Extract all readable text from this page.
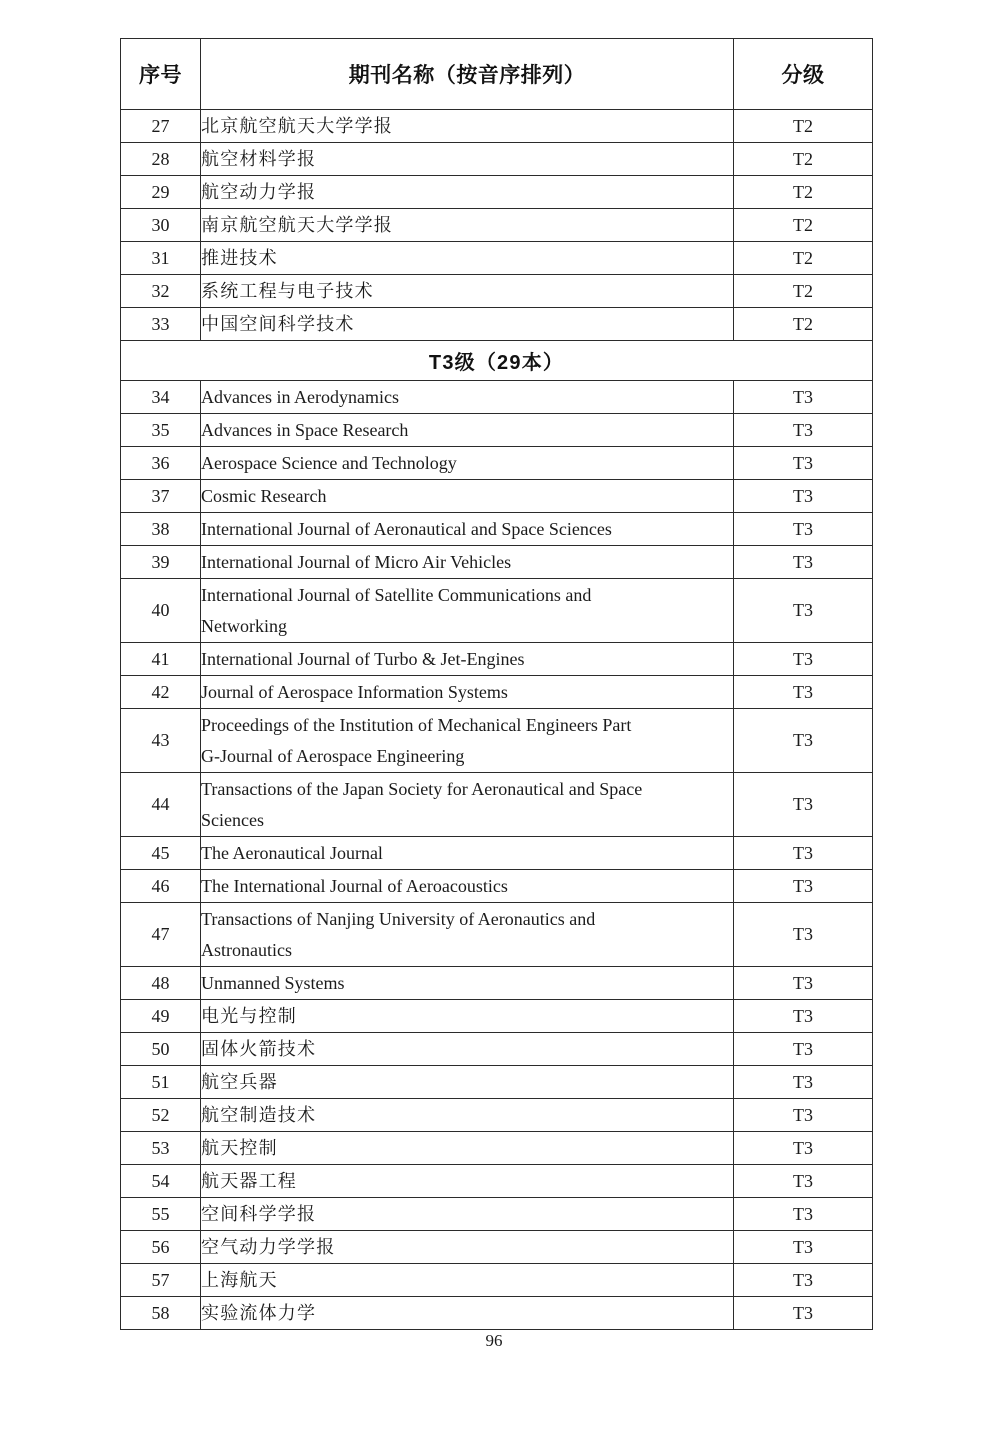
序号	期刊名称（按音序排列）	分级
27	北京航空航天大学学报	T2
28	航空材料学报	T2
29	航空动力学报	T2
30	南京航空航天大学学报	T2
31	推进技术	T2
32	系统工程与电子技术	T2
33	中国空间科学技术	T2
T3级（29本）		
34	Advances in Aerodynamics	T3
35	Advances in Space Research	T3
36	Aerospace Science and Technology	T3
37	Cosmic Research	T3
38	International Journal of Aeronautical and Space Sciences	T3
39	International Journal of Micro Air Vehicles	T3
40	International Journal of Satellite Communications and
Networking	T3
41	International Journal of Turbo & Jet-Engines	T3
42	Journal of Aerospace Information Systems	T3
43	Proceedings of the Institution of Mechanical Engineers Part
G-Journal of Aerospace Engineering	T3
44	Transactions of the Japan Society for Aeronautical and Space
Sciences	T3
45	The Aeronautical Journal	T3
46	The International Journal of Aeroacoustics	T3
47	Transactions of Nanjing University of Aeronautics and
Astronautics	T3
48	Unmanned Systems	T3
49	电光与控制	T3
50	固体火箭技术	T3
51	航空兵器	T3
52	航空制造技术	T3
53	航天控制	T3
54	航天器工程	T3
55	空间科学学报	T3
56	空气动力学学报	T3
57	上海航天	T3
58	实验流体力学	T3
96
